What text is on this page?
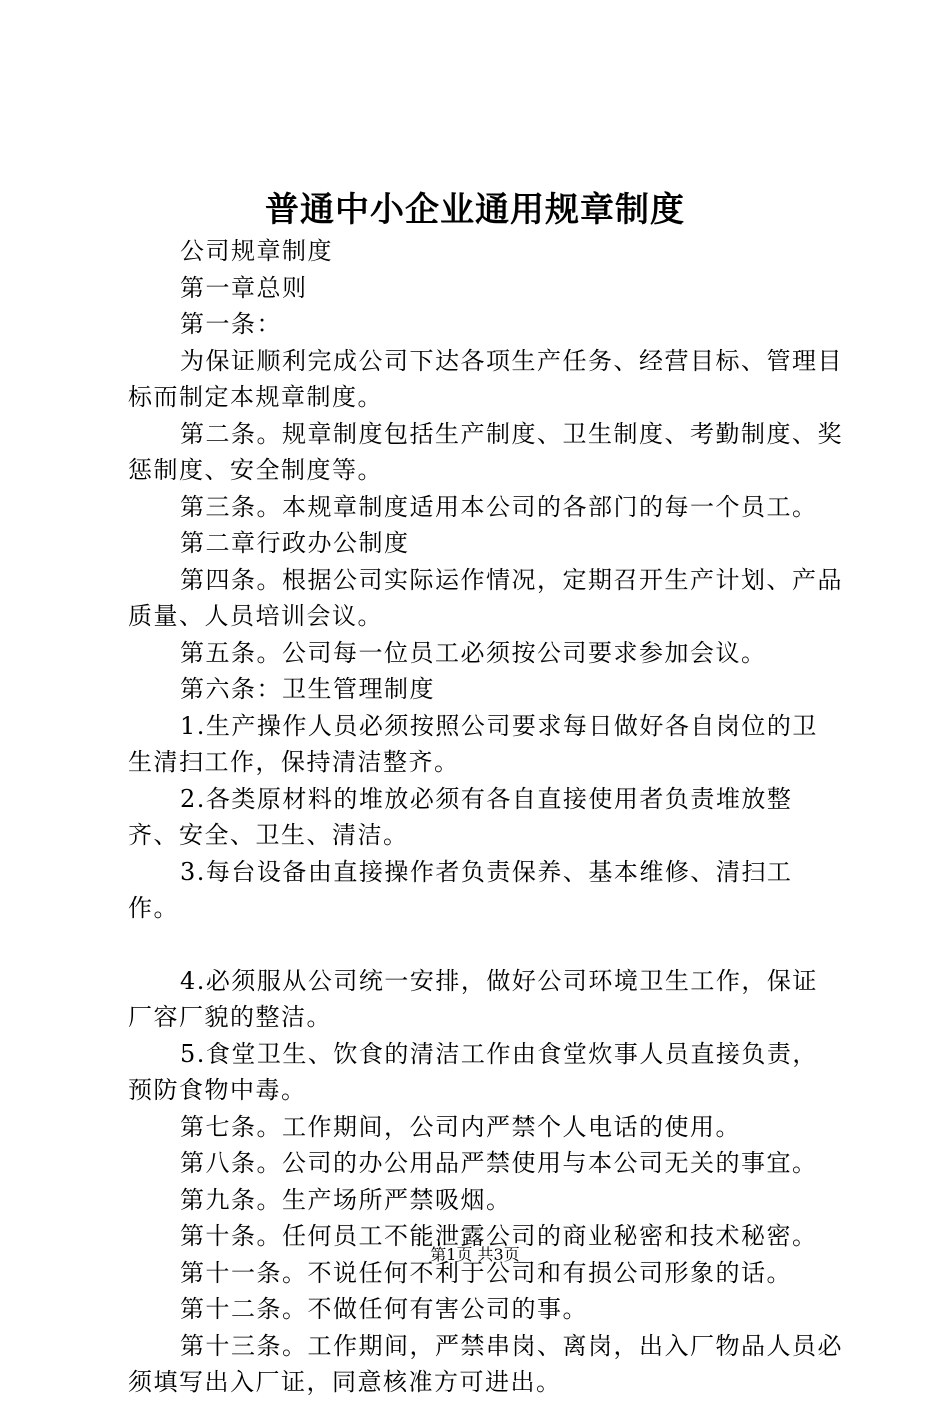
普通中小企业通用规章制度

公司规章制度

第一章总则

第一条：

为保证顺利完成公司下达各项生产任务、经营目标、管理目标而制定本规章制度。

第二条。规章制度包括生产制度、卫生制度、考勤制度、奖惩制度、安全制度等。

第三条。本规章制度适用本公司的各部门的每一个员工。

第二章行政办公制度

第四条。根据公司实际运作情况，定期召开生产计划、产品质量、人员培训会议。

第五条。公司每一位员工必须按公司要求参加会议。

第六条：卫生管理制度

1.生产操作人员必须按照公司要求每日做好各自岗位的卫生清扫工作，保持清洁整齐。

2.各类原材料的堆放必须有各自直接使用者负责堆放整齐、安全、卫生、清洁。

3.每台设备由直接操作者负责保养、基本维修、清扫工作。

4.必须服从公司统一安排，做好公司环境卫生工作，保证厂容厂貌的整洁。

5.食堂卫生、饮食的清洁工作由食堂炊事人员直接负责，预防食物中毒。

第七条。工作期间，公司内严禁个人电话的使用。

第八条。公司的办公用品严禁使用与本公司无关的事宜。

第九条。生产场所严禁吸烟。

第十条。任何员工不能泄露公司的商业秘密和技术秘密。

第十一条。不说任何不利于公司和有损公司形象的话。

第十二条。不做任何有害公司的事。

第十三条。工作期间，严禁串岗、离岗，出入厂物品人员必须填写出入厂证，同意核准方可进出。

第1页 共3页
